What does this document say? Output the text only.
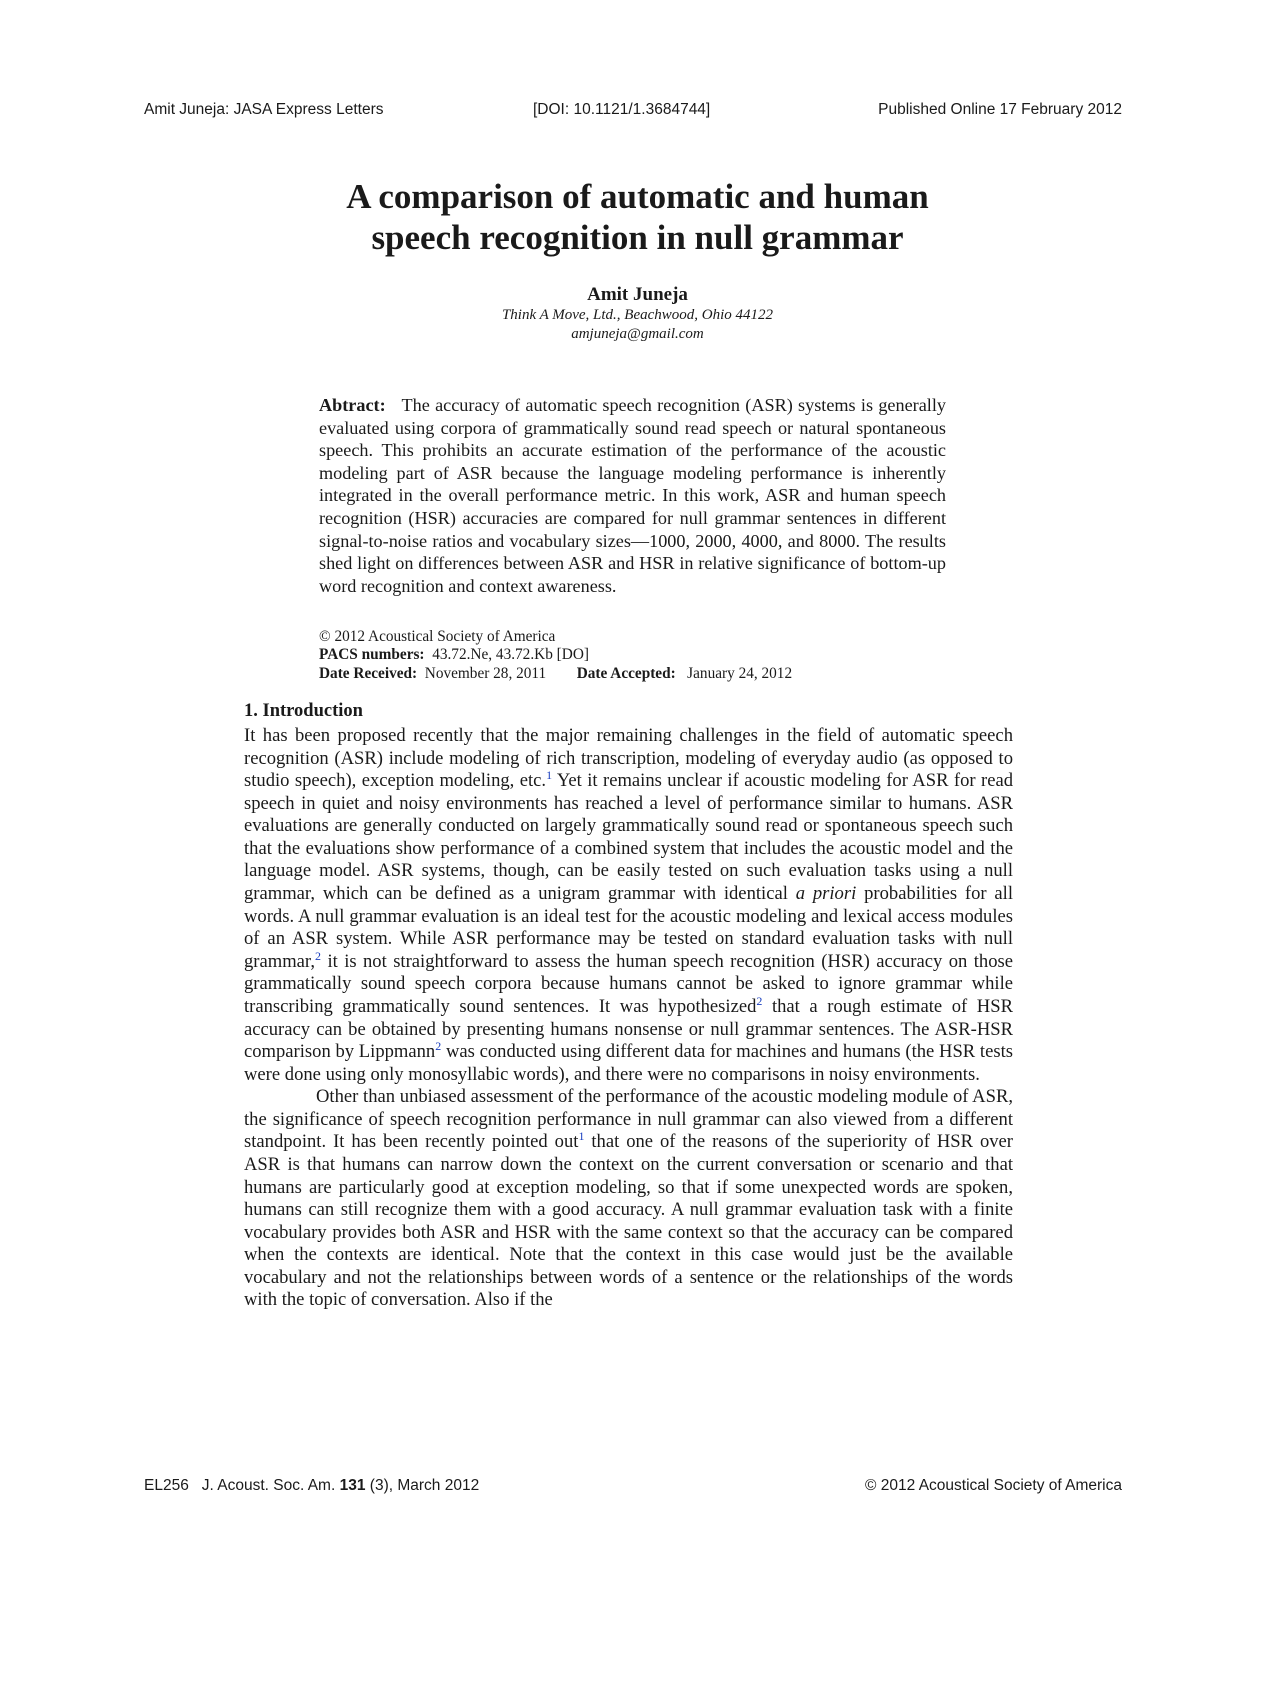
Amit Juneja: JASA Express Letters	[DOI: 10.1121/1.3684744]	Published Online 17 February 2012
A comparison of automatic and human
speech recognition in null grammar
Amit Juneja
Think A Move, Ltd., Beachwood, Ohio 44122
amjuneja@gmail.com
Abtract: The accuracy of automatic speech recognition (ASR) systems is generally evaluated using corpora of grammatically sound read speech or natural spontaneous speech. This prohibits an accurate estimation of the performance of the acoustic modeling part of ASR because the language modeling performance is inherently integrated in the overall performance metric. In this work, ASR and human speech recognition (HSR) accuracies are compared for null grammar sentences in different signal-to-noise ratios and vocabulary sizes—1000, 2000, 4000, and 8000. The results shed light on differences between ASR and HSR in relative significance of bottom-up word recognition and context awareness.
© 2012 Acoustical Society of America
PACS numbers: 43.72.Ne, 43.72.Kb [DO]
Date Received: November 28, 2011 Date Accepted: January 24, 2012
1. Introduction

It has been proposed recently that the major remaining challenges in the field of automatic speech recognition (ASR) include modeling of rich transcription, modeling of everyday audio (as opposed to studio speech), exception modeling, etc.$^1$ Yet it remains unclear if acoustic modeling for ASR for read speech in quiet and noisy environments has reached a level of performance similar to humans. ASR evaluations are generally conducted on largely grammatically sound read or spontaneous speech such that the evaluations show performance of a combined system that includes the acoustic model and the language model. ASR systems, though, can be easily tested on such evaluation tasks using a null grammar, which can be defined as a unigram grammar with identical a priori probabilities for all words. A null grammar evaluation is an ideal test for the acoustic modeling and lexical access modules of an ASR system. While ASR performance may be tested on standard evaluation tasks with null grammar,$^2$ it is not straightforward to assess the human speech recognition (HSR) accuracy on those grammatically sound speech corpora because humans cannot be asked to ignore grammar while transcribing grammatically sound sentences. It was hypothesized$^2$ that a rough estimate of HSR accuracy can be obtained by presenting humans nonsense or null grammar sentences. The ASR-HSR comparison by Lippmann$^2$ was conducted using different data for machines and humans (the HSR tests were done using only monosyllabic words), and there were no comparisons in noisy environments.

Other than unbiased assessment of the performance of the acoustic modeling module of ASR, the significance of speech recognition performance in null grammar can also viewed from a different standpoint. It has been recently pointed out$^1$ that one of the reasons of the superiority of HSR over ASR is that humans can narrow down the context on the current conversation or scenario and that humans are particularly good at exception modeling, so that if some unexpected words are spoken, humans can still recognize them with a good accuracy. A null grammar evaluation task with a finite vocabulary provides both ASR and HSR with the same context so that the accuracy can be compared when the contexts are identical. Note that the context in this case would just be the available vocabulary and not the relationships between words of a sentence or the relationships of the words with the topic of conversation. Also if the

EL256 J. Acoust. Soc. Am. 131 (3), March 2012	© 2012 Acoustical Society of America
